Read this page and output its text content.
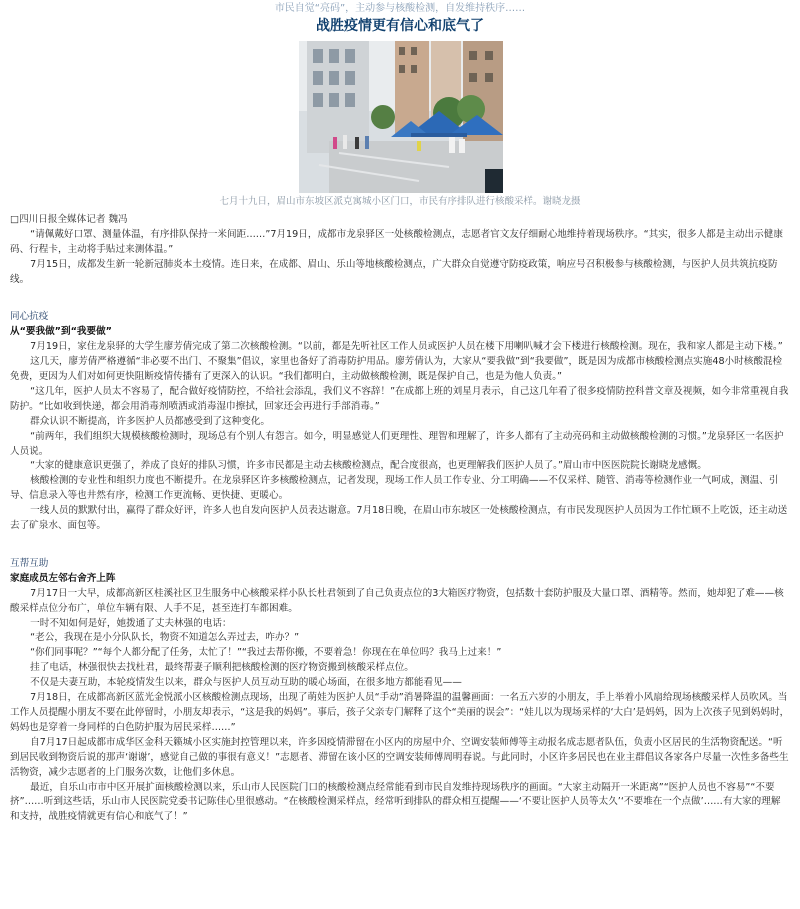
市民自觉“亮码”，主动参与核酸检测，自发维持秩序……
战胜疫情更有信心和底气了
七月十九日，眉山市东坡区派克寓城小区门口，市民有序排队进行核酸采样。谢晓龙摄

□四川日报全媒体记者 魏冯

“请佩戴好口罩、测量体温，有序排队保持一米间距……”7月19日，成都市龙泉驿区一处核酸检测点，志愿者官文友仔细耐心地维持着现场秩序。“其实，很多人都是主动出示健康码、行程卡，主动将手贴过来测体温。”

7月15日，成都发生新一轮新冠肺炎本土疫情。连日来，在成都、眉山、乐山等地核酸检测点，广大群众自觉遵守防疫政策，响应号召积极参与核酸检测，与医护人员共筑抗疫防线。

同心抗疫

从“要我做”到“我要做”

7月19日，家住龙泉驿的大学生廖芳倩完成了第二次核酸检测。“以前，都是先听社区工作人员或医护人员在楼下用喇叭喊才会下楼进行核酸检测。现在，我和家人都是主动下楼。”

这几天，廖芳倩严格遵循“非必要不出门、不聚集”倡议，家里也备好了消毒防护用品。廖芳倩认为，大家从“要我做”到“我要做”，既是因为成都市核酸检测点实施48小时核酸混检免费，更因为人们对如何更快阻断疫情传播有了更深入的认识。“我们都明白，主动做核酸检测，既是保护自己，也是为他人负责。”

“这几年，医护人员太不容易了，配合做好疫情防控，不给社会添乱，我们义不容辞！”在成都上班的刘星月表示，自己这几年看了很多疫情防控科普文章及视频，如今非常重视自我防护。“比如收到快递，都会用消毒剂喷洒或消毒湿巾擦拭，回家还会再进行手部消毒。”

群众认识不断提高，许多医护人员都感受到了这种变化。

“前两年，我们组织大规模核酸检测时，现场总有个别人有怨言。如今，明显感觉人们更理性、理智和理解了，许多人都有了主动亮码和主动做核酸检测的习惯。”龙泉驿区一名医护人员说。

“大家的健康意识更强了，养成了良好的排队习惯，许多市民都是主动去核酸检测点，配合度很高，也更理解我们医护人员了。”眉山市中医医院院长谢晓龙感慨。

核酸检测的专业性和组织力度也不断提升。在龙泉驿区许多核酸检测点，记者发现，现场工作人员工作专业、分工明确——不仅采样、随管、消毒等检测作业一气呵成，测温、引导、信息录入等也井然有序，检测工作更流畅、更快捷、更暖心。

一线人员的默默付出，赢得了群众好评，许多人也自发向医护人员表达谢意。7月18日晚，在眉山市东坡区一处核酸检测点，有市民发现医护人员因为工作忙顾不上吃饭，还主动送去了矿泉水、面包等。

互帮互助

家庭成员左邻右舍齐上阵

7月17日一大早，成都高新区桂溪社区卫生服务中心核酸采样小队长杜君领到了自己负责点位的3大箱医疗物资，包括数十套防护服及大量口罩、酒精等。然而，她却犯了难——核酸采样点位分布广，单位车辆有限、人手不足，甚至连打车都困难。

一时不知如何是好，她拨通了丈夫林强的电话：

“老公，我现在是小分队队长，物资不知道怎么弄过去，咋办？”

“你们同事呢？”“每个人都分配了任务，太忙了！”“我过去帮你搬，不要着急！你现在在单位吗？我马上过来！”

挂了电话，林强很快去找杜君，最终帮妻子顺利把核酸检测的医疗物资搬到核酸采样点位。

不仅是夫妻互助，本轮疫情发生以来，群众与医护人员互动互助的暖心场面，在很多地方都能看见——

7月18日，在成都高新区蓝光金悦派小区核酸检测点现场，出现了萌娃为医护人员“手动”消暑降温的温馨画面：一名五六岁的小朋友，手上举着小风扇给现场核酸采样人员吹风。当工作人员提醒小朋友不要在此停留时，小朋友却表示，“这是我的妈妈”。事后，孩子父亲专门解释了这个“美丽的误会”：“娃儿以为现场采样的‘大白’是妈妈，因为上次孩子见到妈妈时，妈妈也是穿着一身同样的白色防护服为居民采样……”

自7月17日起成都市成华区金科天籁城小区实施封控管理以来，许多因疫情滞留在小区内的房屋中介、空调安装师傅等主动报名成志愿者队伍，负责小区居民的生活物资配送。“听到居民收到物资后说的那声‘谢谢’，感觉自己做的事很有意义！”志愿者、滞留在该小区的空调安装师傅周明春说。与此同时，小区许多居民也在业主群倡议各家各户尽量一次性多备些生活物资，减少志愿者的上门服务次数，让他们多休息。

最近，自乐山市市中区开展扩面核酸检测以来，乐山市人民医院门口的核酸检测点经常能看到市民自发维持现场秩序的画面。“大家主动隔开一米距离”“医护人员也不容易”“不要挤”……听到这些话，乐山市人民医院党委书记陈佳心里很感动。“在核酸检测采样点，经常听到排队的群众相互提醒——‘不要让医护人员等太久’‘不要堆在一个点做’……有大家的理解和支持，战胜疫情就更有信心和底气了！”
